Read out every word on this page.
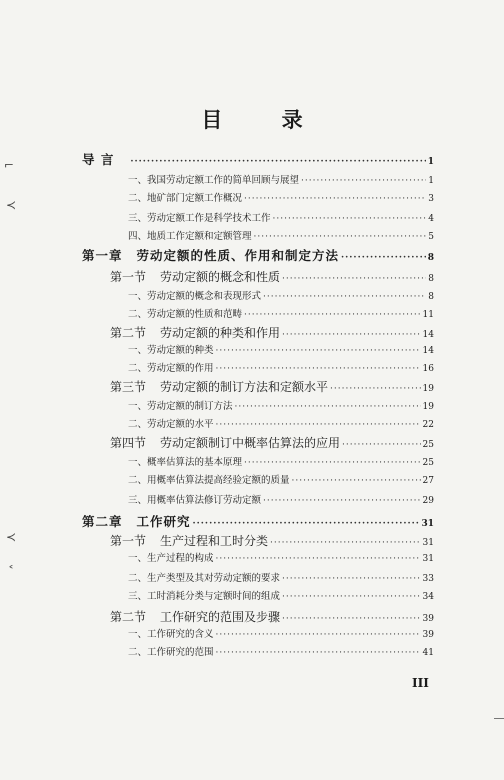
目 录
导 言 ·····	1
一、我国劳动定额工作的简单回顾与展望 ·····	1
二、地矿部门定额工作概况 ·····	3
三、劳动定额工作是科学技术工作 ·····	4
四、地质工作定额和定额管理 ·····	5
第一章 劳动定额的性质、作用和制定方法 ·····	8
第一节 劳动定额的概念和性质 ·····	8
一、劳动定额的概念和表现形式 ·····	8
二、劳动定额的性质和范畴 ·····	11
第二节 劳动定额的种类和作用 ·····	14
一、劳动定额的种类 ·····	14
二、劳动定额的作用 ·····	16
第三节 劳动定额的制订方法和定额水平 ·····	19
一、劳动定额的制订方法 ·····	19
二、劳动定额的水平 ·····	22
第四节 劳动定额制订中概率估算法的应用 ·····	25
一、概率估算法的基本原理 ·····	25
二、用概率估算法提高经验定额的质量 ·····	27
三、用概率估算法修订劳动定额 ·····	29
第二章 工作研究 ·····	31
第一节 生产过程和工时分类 ·····	31
一、生产过程的构成 ·····	31
二、生产类型及其对劳动定额的要求 ·····	33
三、工时消耗分类与定额时间的组成 ·····	34
第二节 工作研究的范围及步骤 ·····	39
一、工作研究的含义 ·····	39
二、工作研究的范围 ·····	41
III
⌐
≺
≺
˂
